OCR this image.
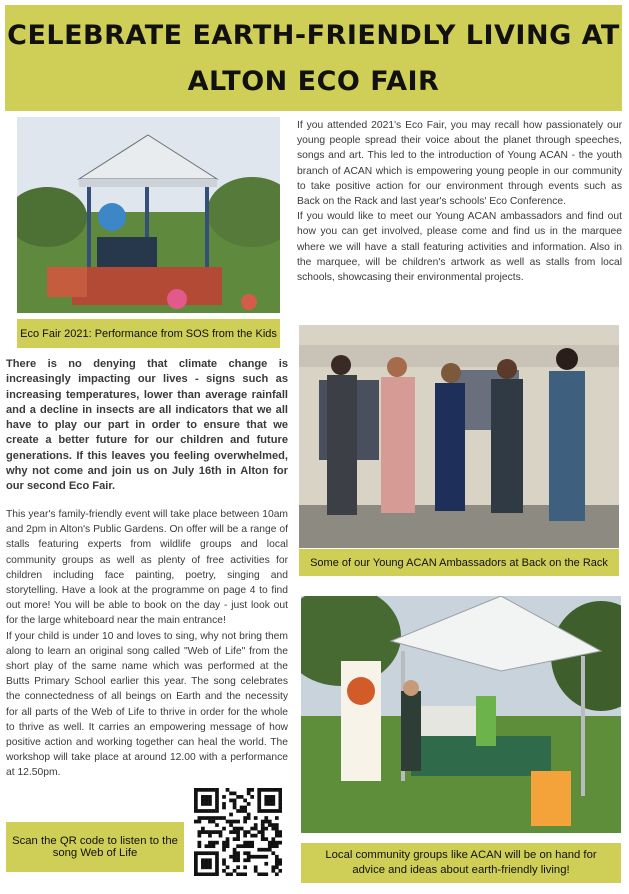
CELEBRATE EARTH-FRIENDLY LIVING AT
ALTON ECO FAIR
Eco Fair 2021: Performance from SOS from the Kids

If you attended 2021's Eco Fair, you may recall how passionately our young people spread their voice about the planet through speeches, songs and art. This led to the introduction of Young ACAN - the youth branch of ACAN which is empowering young people in our community to take positive action for our environment through events such as Back on the Rack and last year's schools' Eco Conference.

If you would like to meet our Young ACAN ambassadors and find out how you can get involved, please come and find us in the marquee where we will have a stall featuring activities and information. Also in the marquee, will be children's artwork as well as stalls from local schools, showcasing their environmental projects.

Some of our Young ACAN Ambassadors at Back on the Rack

There is no denying that climate change is increasingly impacting our lives - signs such as increasing temperatures, lower than average rainfall and a decline in insects are all indicators that we all have to play our part in order to ensure that we create a better future for our children and future generations. If this leaves you feeling overwhelmed, why not come and join us on July 16th in Alton for our second Eco Fair.

This year's family-friendly event will take place between 10am and 2pm in Alton's Public Gardens. On offer will be a range of stalls featuring experts from wildlife groups and local community groups as well as plenty of free activities for children including face painting, poetry, singing and storytelling. Have a look at the programme on page 4 to find out more! You will be able to book on the day - just look out for the large whiteboard near the main entrance!

If your child is under 10 and loves to sing, why not bring them along to learn an original song called "Web of Life" from the short play of the same name which was performed at the Butts Primary School earlier this year. The song celebrates the connectedness of all beings on Earth and the necessity for all parts of the Web of Life to thrive in order for the whole to thrive as well. It carries an empowering message of how positive action and working together can heal the world. The workshop will take place at around 12.00 with a performance at 12.50pm.

Scan the QR code to listen to the song Web of Life	Local community groups like ACAN will be on hand for advice and ideas about earth-friendly living!
